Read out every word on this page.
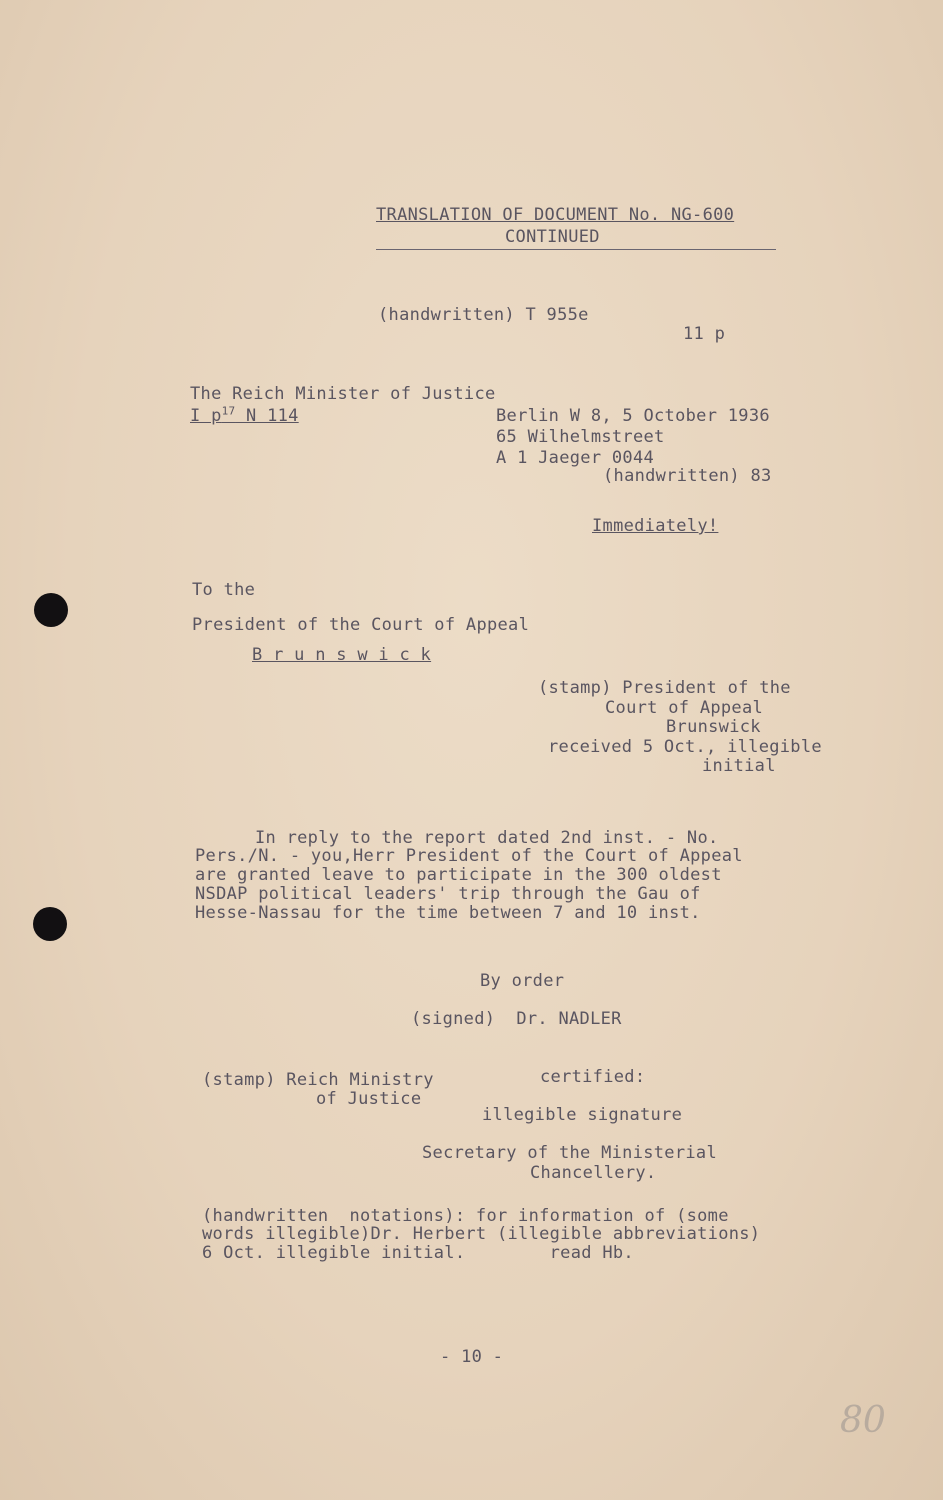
TRANSLATION OF DOCUMENT No. NG-600
CONTINUED
(handwritten) T 955e
11 p
The Reich Minister of Justice
I $p^{17}$ N 114	Berlin W 8, 5 October 1936
65 Wilhelmstreet
A 1 Jaeger 0044
(handwritten) 83
Immediately!
To the
President of the Court of Appeal
B r u n s w i c k
(stamp) President of the
Court of Appeal
Brunswick
received 5 Oct., illegible
initial
In reply to the report dated 2nd inst. - No.
Pers./N. - you,Herr President of the Court of Appeal
are granted leave to participate in the 300 oldest
NSDAP political leaders' trip through the Gau of
Hesse-Nassau for the time between 7 and 10 inst.
By order
(signed)  Dr. NADLER
(stamp) Reich Ministry
of Justice
certified:
illegible signature
Secretary of the Ministerial
Chancellery.
(handwritten  notations): for information of (some
words illegible)Dr. Herbert (illegible abbreviations)
6 Oct. illegible initial.        read Hb.
- 10 -
80
